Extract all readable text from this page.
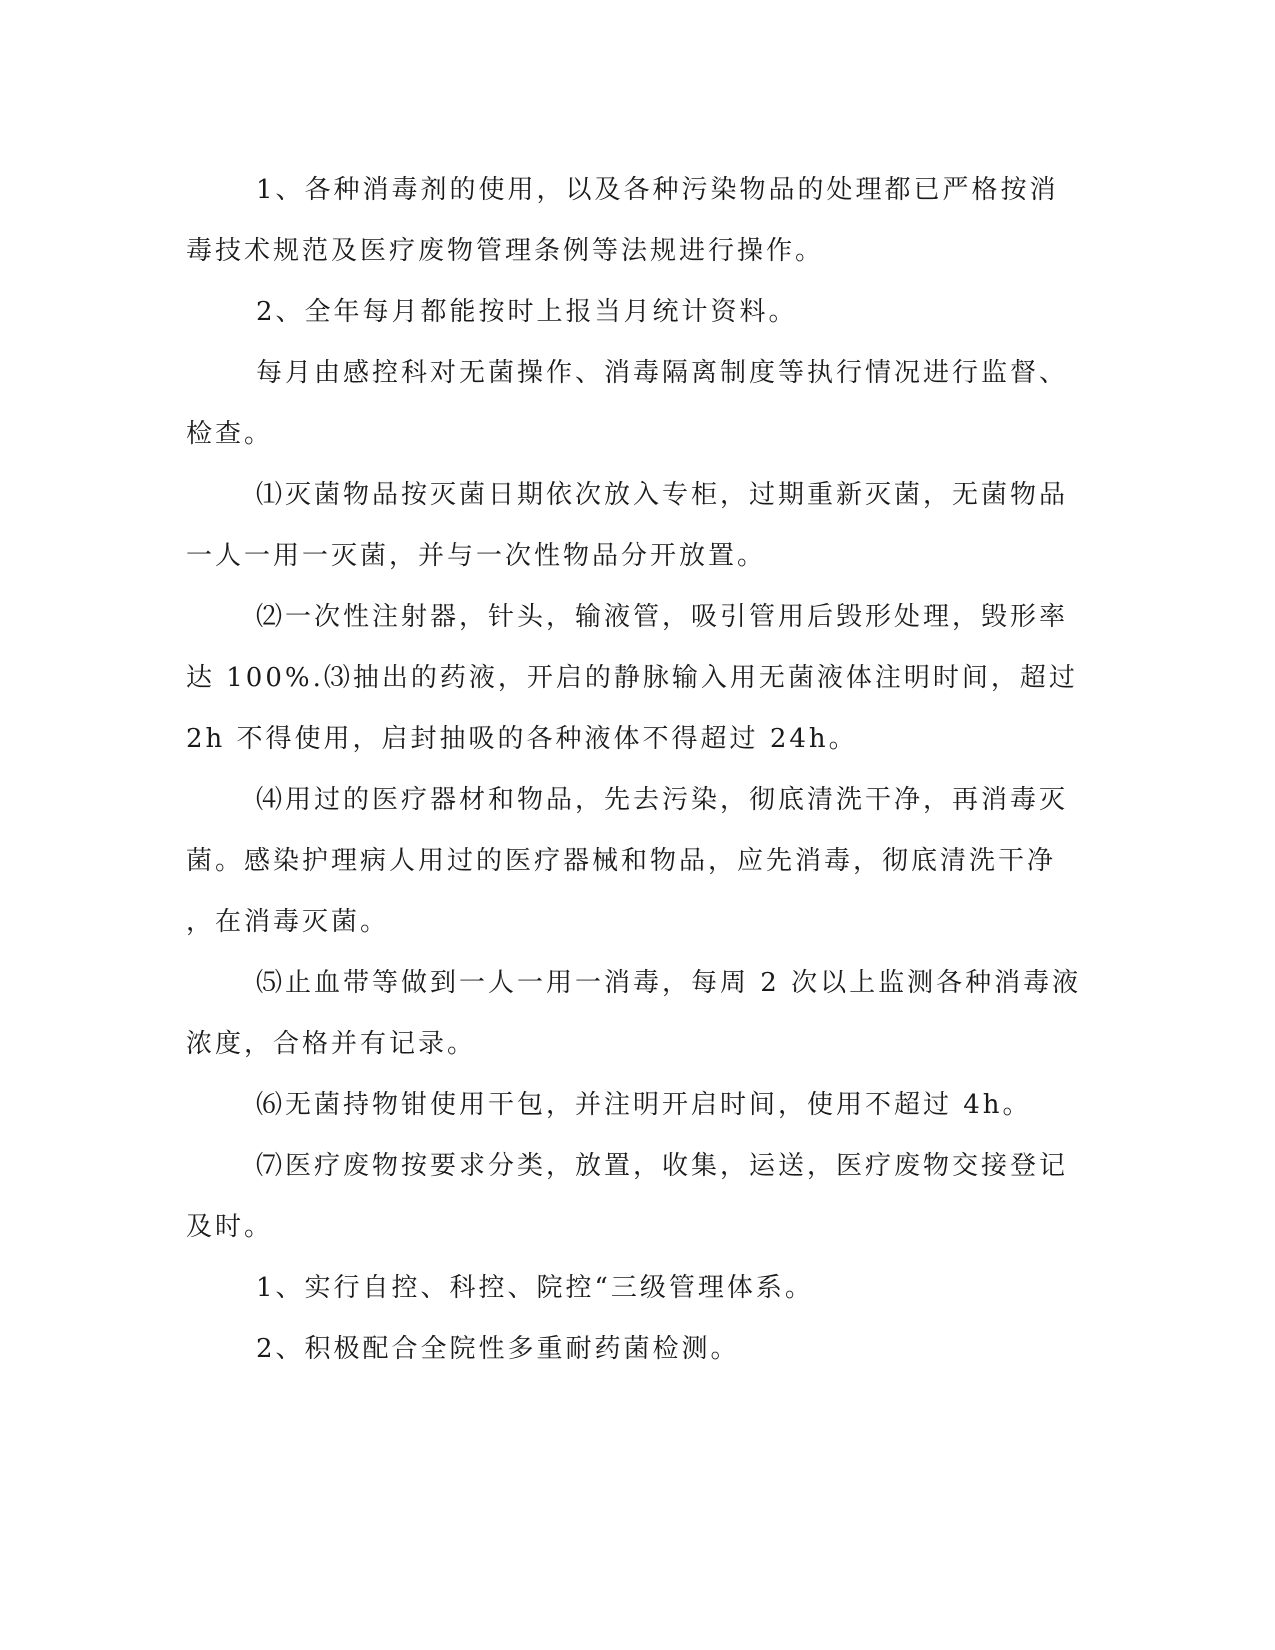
1、各种消毒剂的使用，以及各种污染物品的处理都已严格按消
毒技术规范及医疗废物管理条例等法规进行操作。

2、全年每月都能按时上报当月统计资料。

每月由感控科对无菌操作、消毒隔离制度等执行情况进行监督、
检查。

⑴灭菌物品按灭菌日期依次放入专柜，过期重新灭菌，无菌物品
一人一用一灭菌，并与一次性物品分开放置。

⑵一次性注射器，针头，输液管，吸引管用后毁形处理，毁形率
达 100%.⑶抽出的药液，开启的静脉输入用无菌液体注明时间，超过
2h 不得使用，启封抽吸的各种液体不得超过 24h。

⑷用过的医疗器材和物品，先去污染，彻底清洗干净，再消毒灭
菌。感染护理病人用过的医疗器械和物品，应先消毒，彻底清洗干净
，在消毒灭菌。

⑸止血带等做到一人一用一消毒，每周 2 次以上监测各种消毒液
浓度，合格并有记录。

⑹无菌持物钳使用干包，并注明开启时间，使用不超过 4h。

⑺医疗废物按要求分类，放置，收集，运送，医疗废物交接登记
及时。

1、实行自控、科控、院控“三级管理体系。

2、积极配合全院性多重耐药菌检测。
